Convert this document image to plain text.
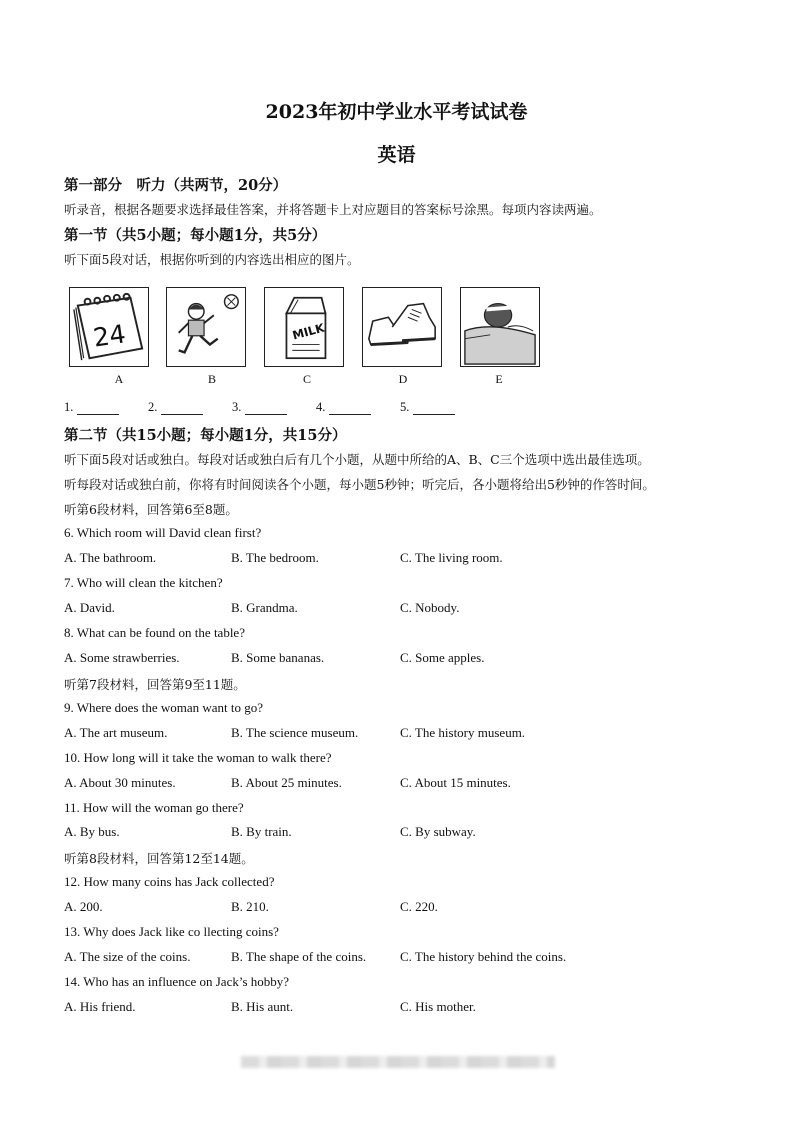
2023年初中学业水平考试试卷
英语
第一部分　听力（共两节，20分）
听录音，根据各题要求选择最佳答案，并将答题卡上对应题目的答案标号涂黑。每项内容读两遍。
第一节（共5小题；每小题1分，共5分）
听下面5段对话，根据你听到的内容选出相应的图片。
24	MILK
A	B	C	D	E
1.	2.	3.	4.	5.
第二节（共15小题；每小题1分，共15分）
听下面5段对话或独白。每段对话或独白后有几个小题，从题中所给的A、B、C三个选项中选出最佳选项。
听每段对话或独白前，你将有时间阅读各个小题，每小题5秒钟；听完后，各小题将给出5秒钟的作答时间。
听第6段材料，回答第6至8题。
6. Which room will David clean first?
A. The bathroom.	B. The bedroom.	C. The living room.
7. Who will clean the kitchen?
A. David.	B. Grandma.	C. Nobody.
8. What can be found on the table?
A. Some strawberries.	B. Some bananas.	C. Some apples.
听第7段材料，回答第9至11题。
9. Where does the woman want to go?
A. The art museum.	B. The science museum.	C. The history museum.
10. How long will it take the woman to walk there?
A. About 30 minutes.	B. About 25 minutes.	C. About 15 minutes.
11. How will the woman go there?
A. By bus.	B. By train.	C. By subway.
听第8段材料，回答第12至14题。
12. How many coins has Jack collected?
A. 200.	B. 210.	C. 220.
13. Why does Jack like co llecting coins?
A. The size of the coins.	B. The shape of the coins.	C. The history behind the coins.
14. Who has an influence on Jack’s hobby?
A. His friend.	B. His aunt.	C. His mother.
